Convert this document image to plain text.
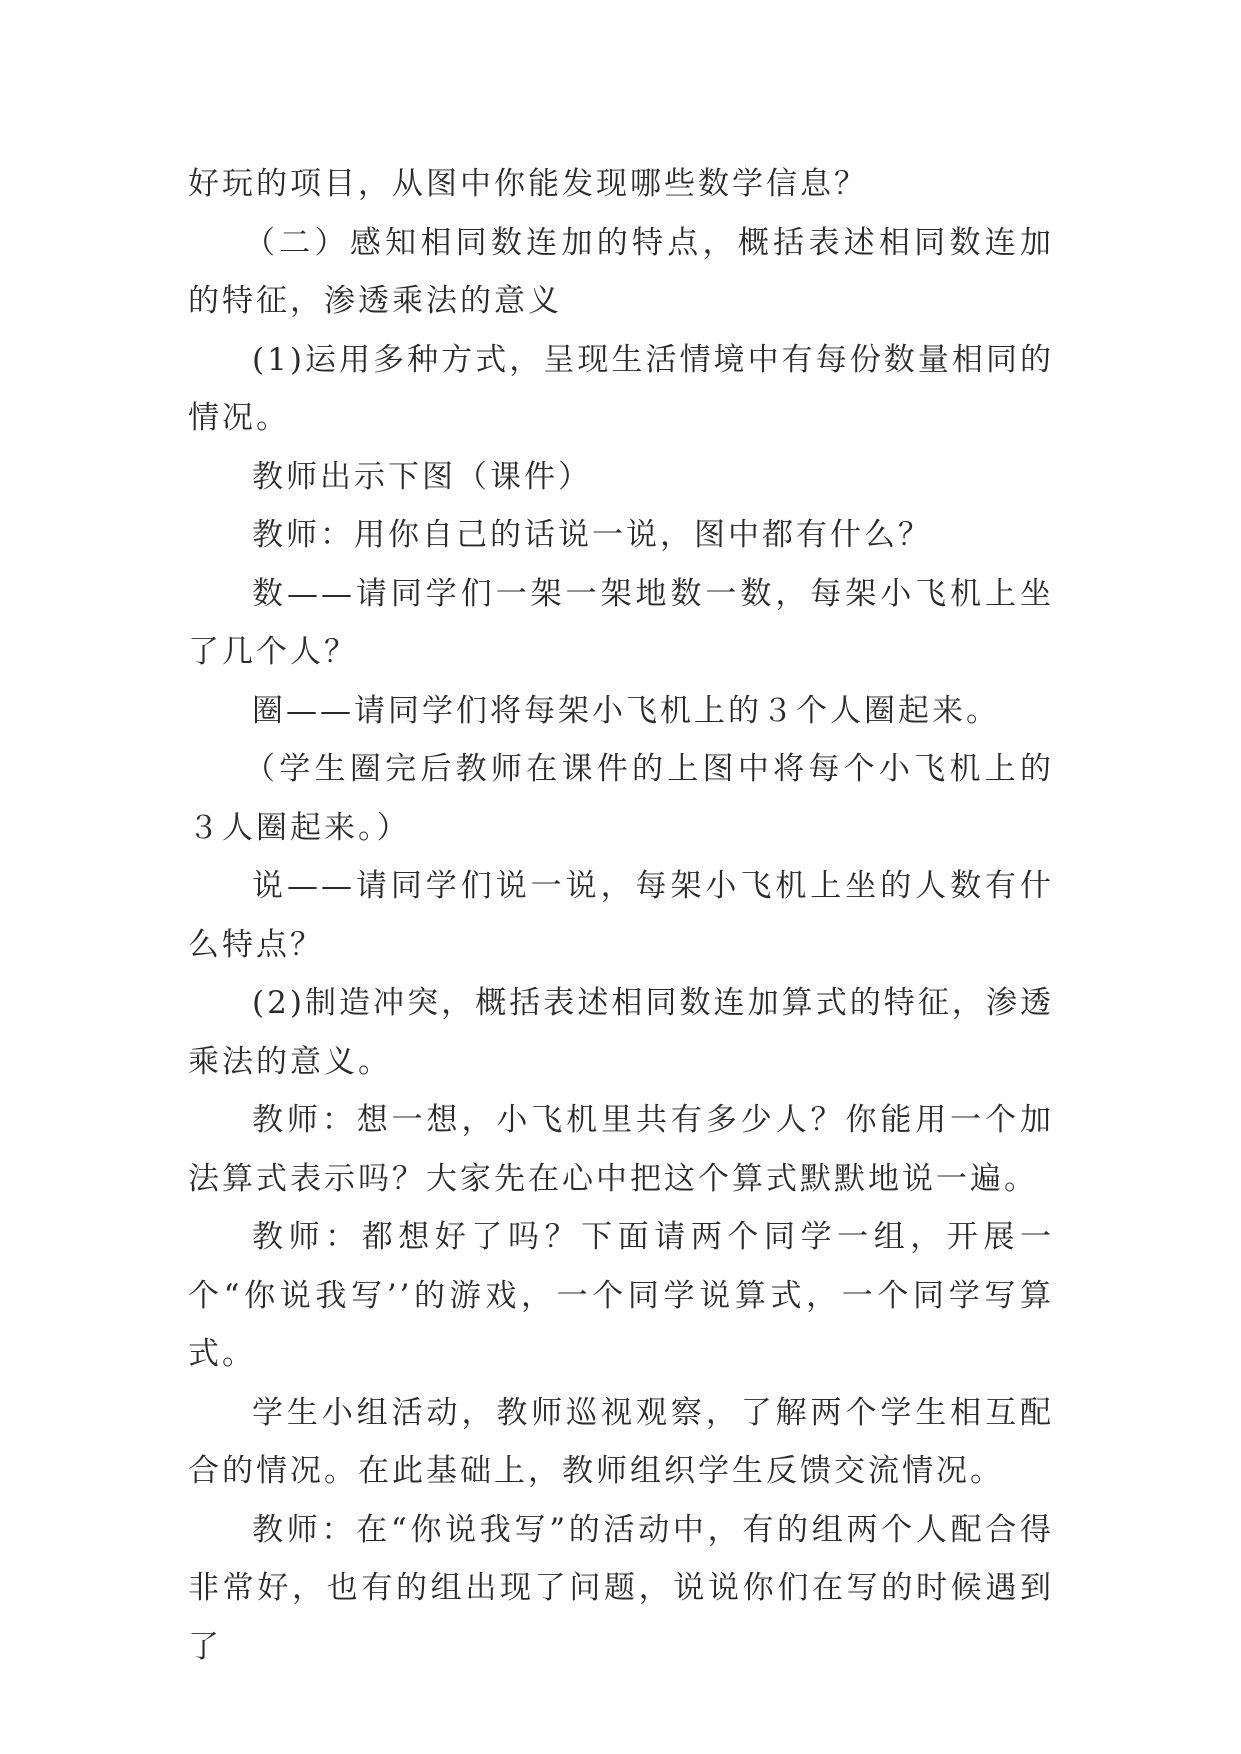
好玩的项目，从图中你能发现哪些数学信息？

（二）感知相同数连加的特点，概括表述相同数连加的特征，渗透乘法的意义

(1)运用多种方式，呈现生活情境中有每份数量相同的情况。

教师出示下图（课件）

教师：用你自己的话说一说，图中都有什么？

数——请同学们一架一架地数一数，每架小飞机上坐了几个人？

圈——请同学们将每架小飞机上的３个人圈起来。

（学生圈完后教师在课件的上图中将每个小飞机上的３人圈起来。）

说——请同学们说一说，每架小飞机上坐的人数有什么特点？

(2)制造冲突，概括表述相同数连加算式的特征，渗透乘法的意义。

教师：想一想，小飞机里共有多少人？你能用一个加法算式表示吗？大家先在心中把这个算式默默地说一遍。

教师：都想好了吗？下面请两个同学一组，开展一个“你说我写’’的游戏，一个同学说算式，一个同学写算式。

学生小组活动，教师巡视观察，了解两个学生相互配合的情况。在此基础上，教师组织学生反馈交流情况。

教师：在“你说我写”的活动中，有的组两个人配合得非常好，也有的组出现了问题，说说你们在写的时候遇到了
